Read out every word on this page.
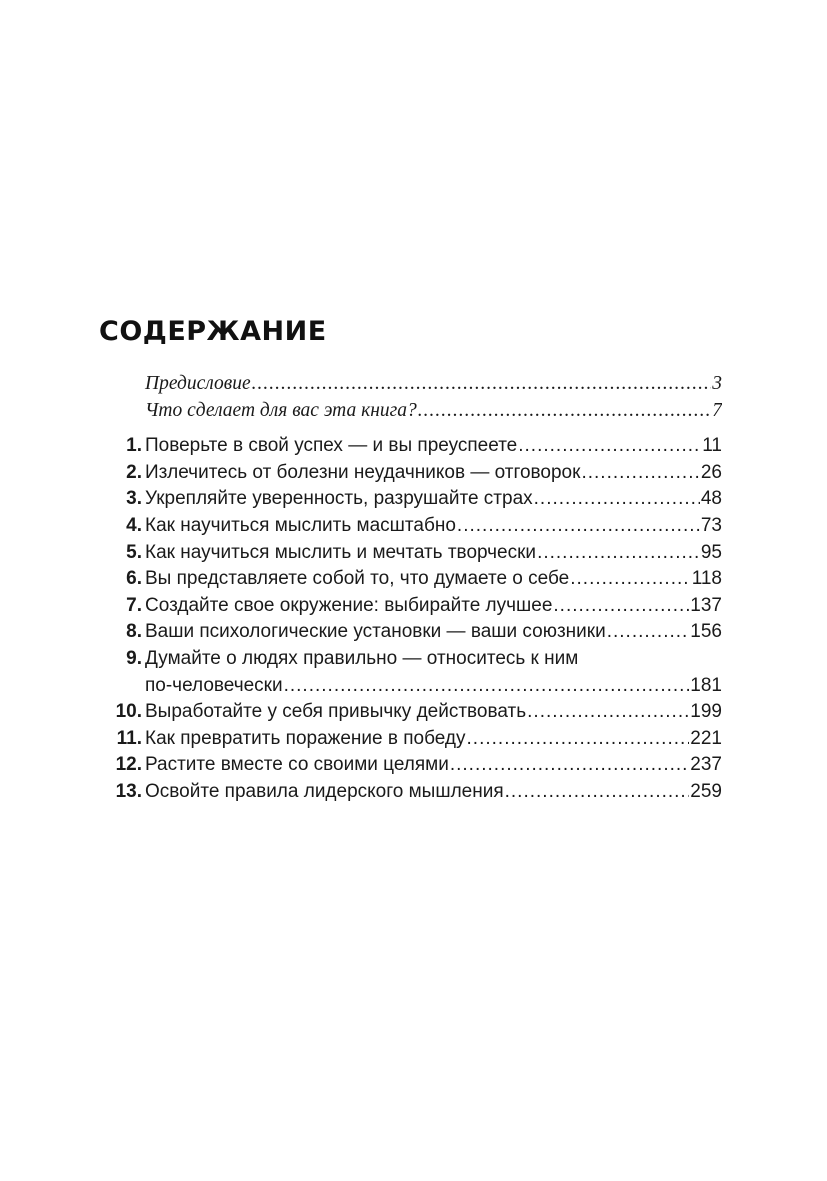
СОДЕРЖАНИЕ
Предисловие .....	3
Что сделает для вас эта книга? .....	7
1. Поверьте в свой успех — и вы преуспеете .....	11
2. Излечитесь от болезни неудачников — отговорок .....	26
3. Укрепляйте уверенность, разрушайте страх .....	48
4. Как научиться мыслить масштабно .....	73
5. Как научиться мыслить и мечтать творчески .....	95
6. Вы представляете собой то, что думаете о себе .....	118
7. Создайте свое окружение: выбирайте лучшее .....	137
8. Ваши психологические установки — ваши союзники .....	156
9. Думайте о людях правильно — относитесь к ним
по-человечески .....	181
10. Выработайте у себя привычку действовать .....	199
11. Как превратить поражение в победу .....	221
12. Растите вместе со своими целями .....	237
13. Освойте правила лидерского мышления .....	259
